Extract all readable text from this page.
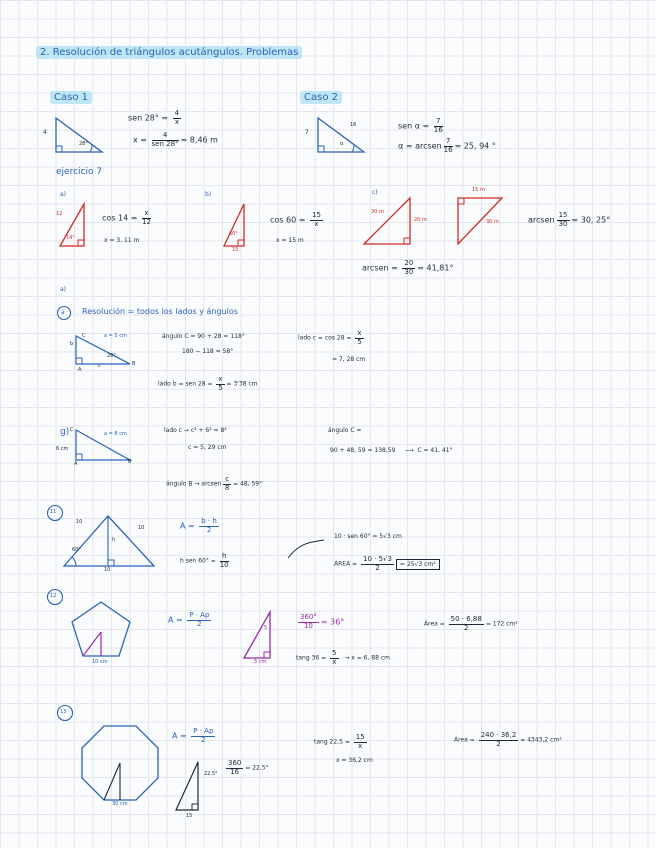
2. Resolución de triángulos acutángulos. Problemas
Caso 1
4
28°
sen $28^\circ = \frac{4}{x}$
$x = \frac{4}{\text{sen 28°}} = 8,46$ m
Caso 2
7
16
α
sen $\alpha = \frac{7}{16}$
α = arcsen $\frac{7}{16} = 25$, 94 °
ejercicio 7
a)	b)	c)
12
14°
$\cos 14 = \frac{x}{12}$
x = 3, 11 m
60°
15
$\cos 60 = \frac{15}{x}$
x = 15 m
30 m
20 m
15 m
30 m	arcsen $\frac{15}{30} = 30$, 25°
arcsen = $\frac{20}{30} = 41,81^\circ$
a)
a Resolución = todos los lados y ángulos
b
a = 5 cm
c
28°
A
B
C	ángulo C = 90 + 28 = 118°
180 − 118 = 58°
lado $c = \cos 28 = \frac{x}{5}$
= 7, 28 cm
lado b = sen $28 = \frac{x}{5} = 3'38$ cm
g)	a = 8 cm
6 cm
A	B
C	lado c → c² + 6² = 8²
c = 5, 29 cm
ángulo C =
90 + 48, 59 = 138,59 ⟶ C = 41, 41°
ángulo B → arcsen $\frac{c}{8} = 48$, 59°
11
10
10
10
60°
h
$A = \frac{b \cdot h}{2}$
h sen $60^\circ = \frac{h}{10}$
10 · sen 60° = 5√3 cm
ÁREA = $\frac{10 \cdot 5√3}{2} = 25√3$ cm²
12
10 cm
$A = \frac{P \cdot Ap}{2}$	5
5 cm
$\frac{360^\circ}{10} = 36^\circ$
tang $36 = \frac{5}{x} \to x = 6$, 88 cm
Área = $\frac{50 \cdot 6,88}{2} = 172$ cm²
13
30 cm
$A = \frac{P \cdot Ap}{2}$
22,5°
15
$\frac{360}{16} = 22,5^\circ$
tang $22,5 = \frac{15}{x}$
x = 36,2 cm
Área = $\frac{240 \cdot 36,2}{2} = 4343,2$ cm²
